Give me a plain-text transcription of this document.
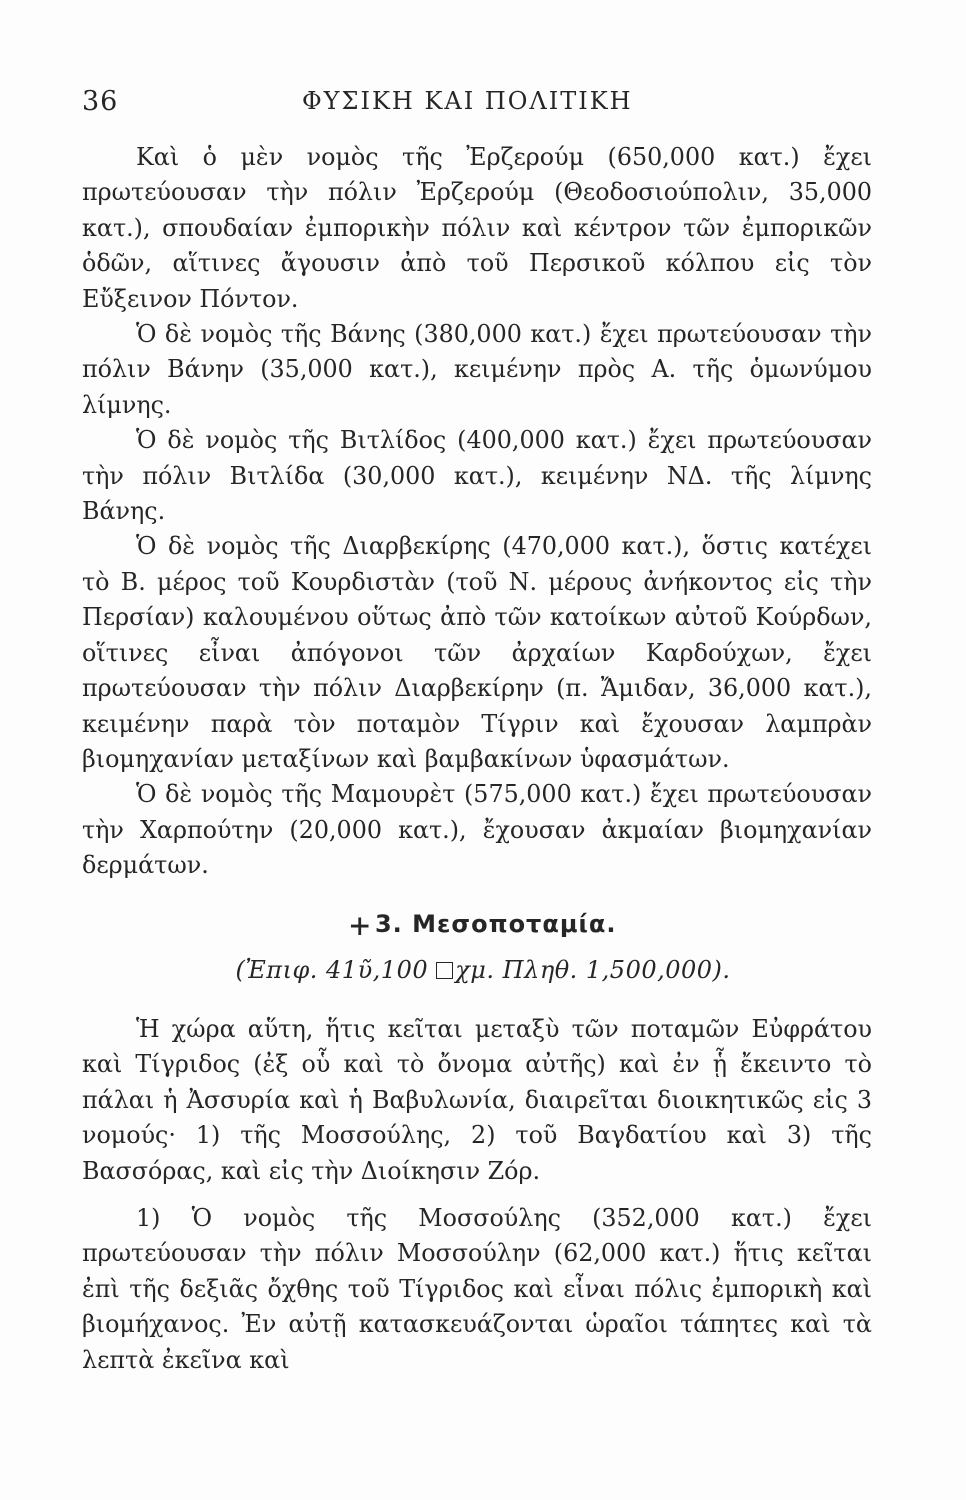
36	ΦΥΣΙΚΗ ΚΑΙ ΠΟΛΙΤΙΚΗ

Καὶ ὁ μὲν νομὸς τῆς Ἐρζερούμ (650,000 κατ.) ἔχει πρωτεύουσαν τὴν πόλιν Ἐρζερούμ (Θεοδοσιούπολιν, 35,000 κατ.), σπουδαίαν ἐμπορικὴν πόλιν καὶ κέντρον τῶν ἐμπορικῶν ὁδῶν, αἵτινες ἄγουσιν ἀπὸ τοῦ Περσικοῦ κόλπου εἰς τὸν Εὔξεινον Πόντον.

Ὁ δὲ νομὸς τῆς Βάνης (380,000 κατ.) ἔχει πρωτεύουσαν τὴν πόλιν Βάνην (35,000 κατ.), κειμένην πρὸς Α. τῆς ὁμωνύμου λίμνης.

Ὁ δὲ νομὸς τῆς Βιτλίδος (400,000 κατ.) ἔχει πρωτεύουσαν τὴν πόλιν Βιτλίδα (30,000 κατ.), κειμένην ΝΔ. τῆς λίμνης Βάνης.

Ὁ δὲ νομὸς τῆς Διαρβεκίρης (470,000 κατ.), ὅστις κατέχει τὸ Β. μέρος τοῦ Κουρδιστὰν (τοῦ Ν. μέρους ἀνήκοντος εἰς τὴν Περσίαν) καλουμένου οὕτως ἀπὸ τῶν κατοίκων αὐτοῦ Κούρδων, οἵτινες εἶναι ἀπόγονοι τῶν ἀρχαίων Καρδούχων, ἔχει πρωτεύουσαν τὴν πόλιν Διαρβεκίρην (π. Ἄμιδαν, 36,000 κατ.), κειμένην παρὰ τὸν ποταμὸν Τίγριν καὶ ἔχουσαν λαμπρὰν βιομηχανίαν μεταξίνων καὶ βαμβακίνων ὑφασμάτων.

Ὁ δὲ νομὸς τῆς Μαμουρὲτ (575,000 κατ.) ἔχει πρωτεύουσαν τὴν Χαρπούτην (20,000 κατ.), ἔχουσαν ἀκμαίαν βιομηχανίαν δερμάτων.

+ 3. Μεσοποταμία.
(Ἐπιφ. 41ῦ,100 χμ. Πληθ. 1,500,000).

Ἡ χώρα αὕτη, ἥτις κεῖται μεταξὺ τῶν ποταμῶν Εὐφράτου καὶ Τίγριδος (ἐξ οὗ καὶ τὸ ὄνομα αὐτῆς) καὶ ἐν ᾗ ἔκειντο τὸ πάλαι ἡ Ἀσσυρία καὶ ἡ Βαβυλωνία, διαιρεῖται διοικητικῶς εἰς 3 νομούς· 1) τῆς Μοσσούλης, 2) τοῦ Βαγδατίου καὶ 3) τῆς Βασσόρας, καὶ εἰς τὴν Διοίκησιν Ζόρ.

1) Ὁ νομὸς τῆς Μοσσούλης (352,000 κατ.) ἔχει πρωτεύουσαν τὴν πόλιν Μοσσούλην (62,000 κατ.) ἥτις κεῖται ἐπὶ τῆς δεξιᾶς ὄχθης τοῦ Τίγριδος καὶ εἶναι πόλις ἐμπορικὴ καὶ βιομήχανος. Ἐν αὐτῇ κατασκευάζονται ὡραῖοι τάπητες καὶ τὰ λεπτὰ ἐκεῖνα καὶ
